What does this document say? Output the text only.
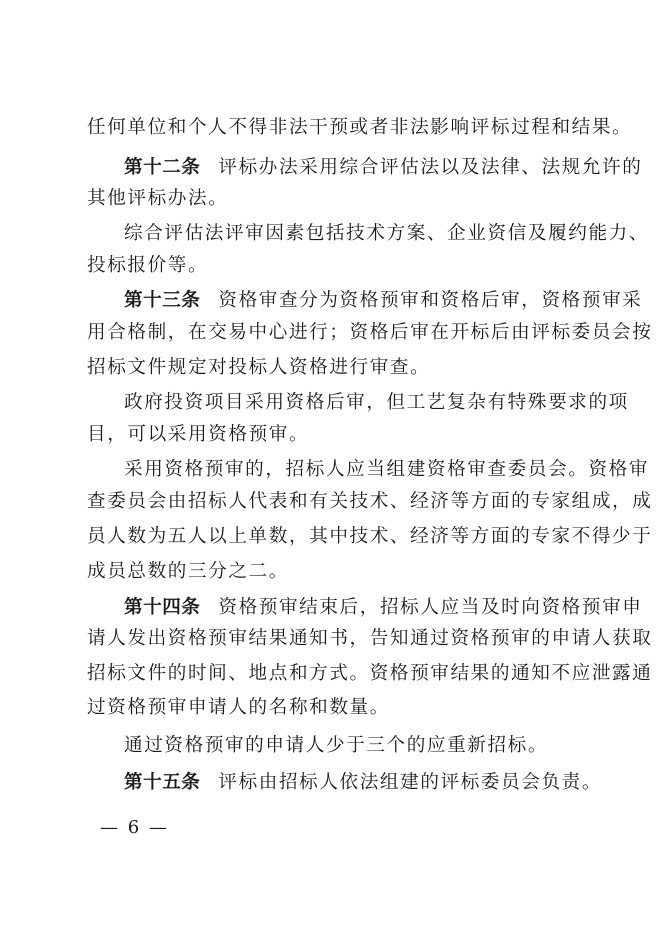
任何单位和个人不得非法干预或者非法影响评标过程和结果。
第十二条 评标办法采用综合评估法以及法律、法规允许的
其他评标办法。
综合评估法评审因素包括技术方案、企业资信及履约能力、
投标报价等。
第十三条 资格审查分为资格预审和资格后审，资格预审采
用合格制，在交易中心进行；资格后审在开标后由评标委员会按
招标文件规定对投标人资格进行审查。
政府投资项目采用资格后审，但工艺复杂有特殊要求的项
目，可以采用资格预审。
采用资格预审的，招标人应当组建资格审查委员会。资格审
查委员会由招标人代表和有关技术、经济等方面的专家组成，成
员人数为五人以上单数，其中技术、经济等方面的专家不得少于
成员总数的三分之二。
第十四条 资格预审结束后，招标人应当及时向资格预审申
请人发出资格预审结果通知书，告知通过资格预审的申请人获取
招标文件的时间、地点和方式。资格预审结果的通知不应泄露通
过资格预审申请人的名称和数量。
通过资格预审的申请人少于三个的应重新招标。
第十五条 评标由招标人依法组建的评标委员会负责。
— 6 —
